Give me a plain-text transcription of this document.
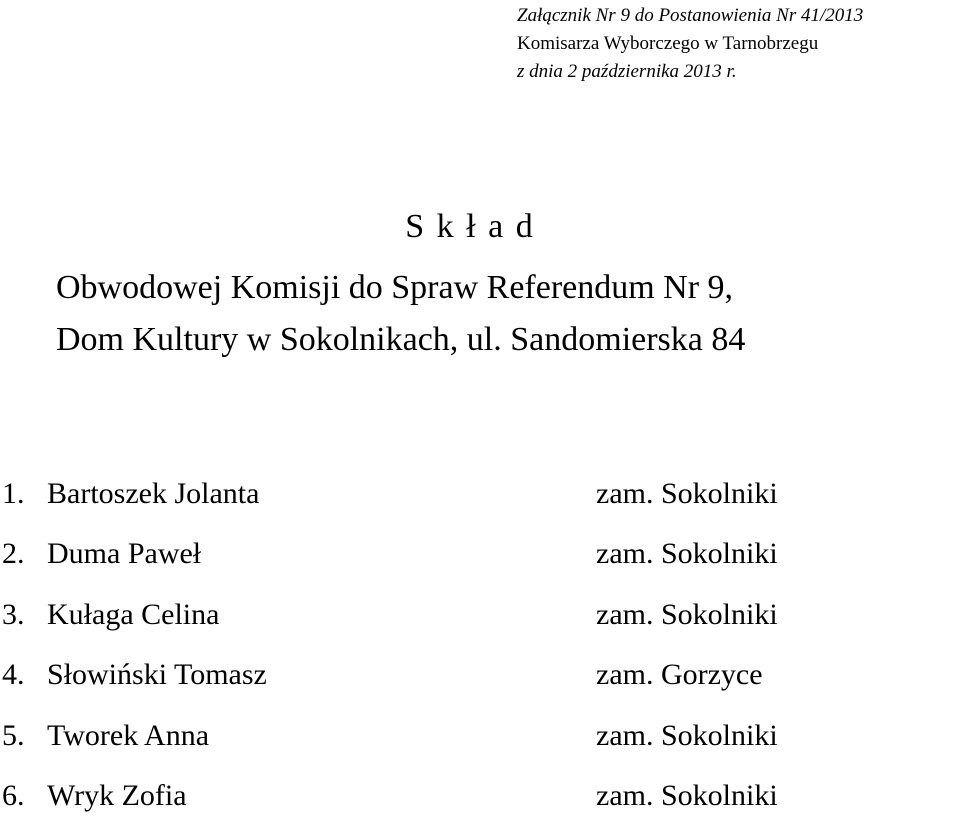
Załącznik Nr 9 do Postanowienia Nr 41/2013
Komisarza Wyborczego w Tarnobrzegu
z dnia 2 października 2013 r.
S k ł a d
Obwodowej Komisji do Spraw Referendum Nr 9,
Dom Kultury w Sokolnikach, ul. Sandomierska 84
1. Bartoszek Jolanta	zam. Sokolniki
2. Duma Paweł	zam. Sokolniki
3. Kułaga Celina	zam. Sokolniki
4. Słowiński Tomasz	zam. Gorzyce
5. Tworek Anna	zam. Sokolniki
6. Wryk Zofia	zam. Sokolniki
